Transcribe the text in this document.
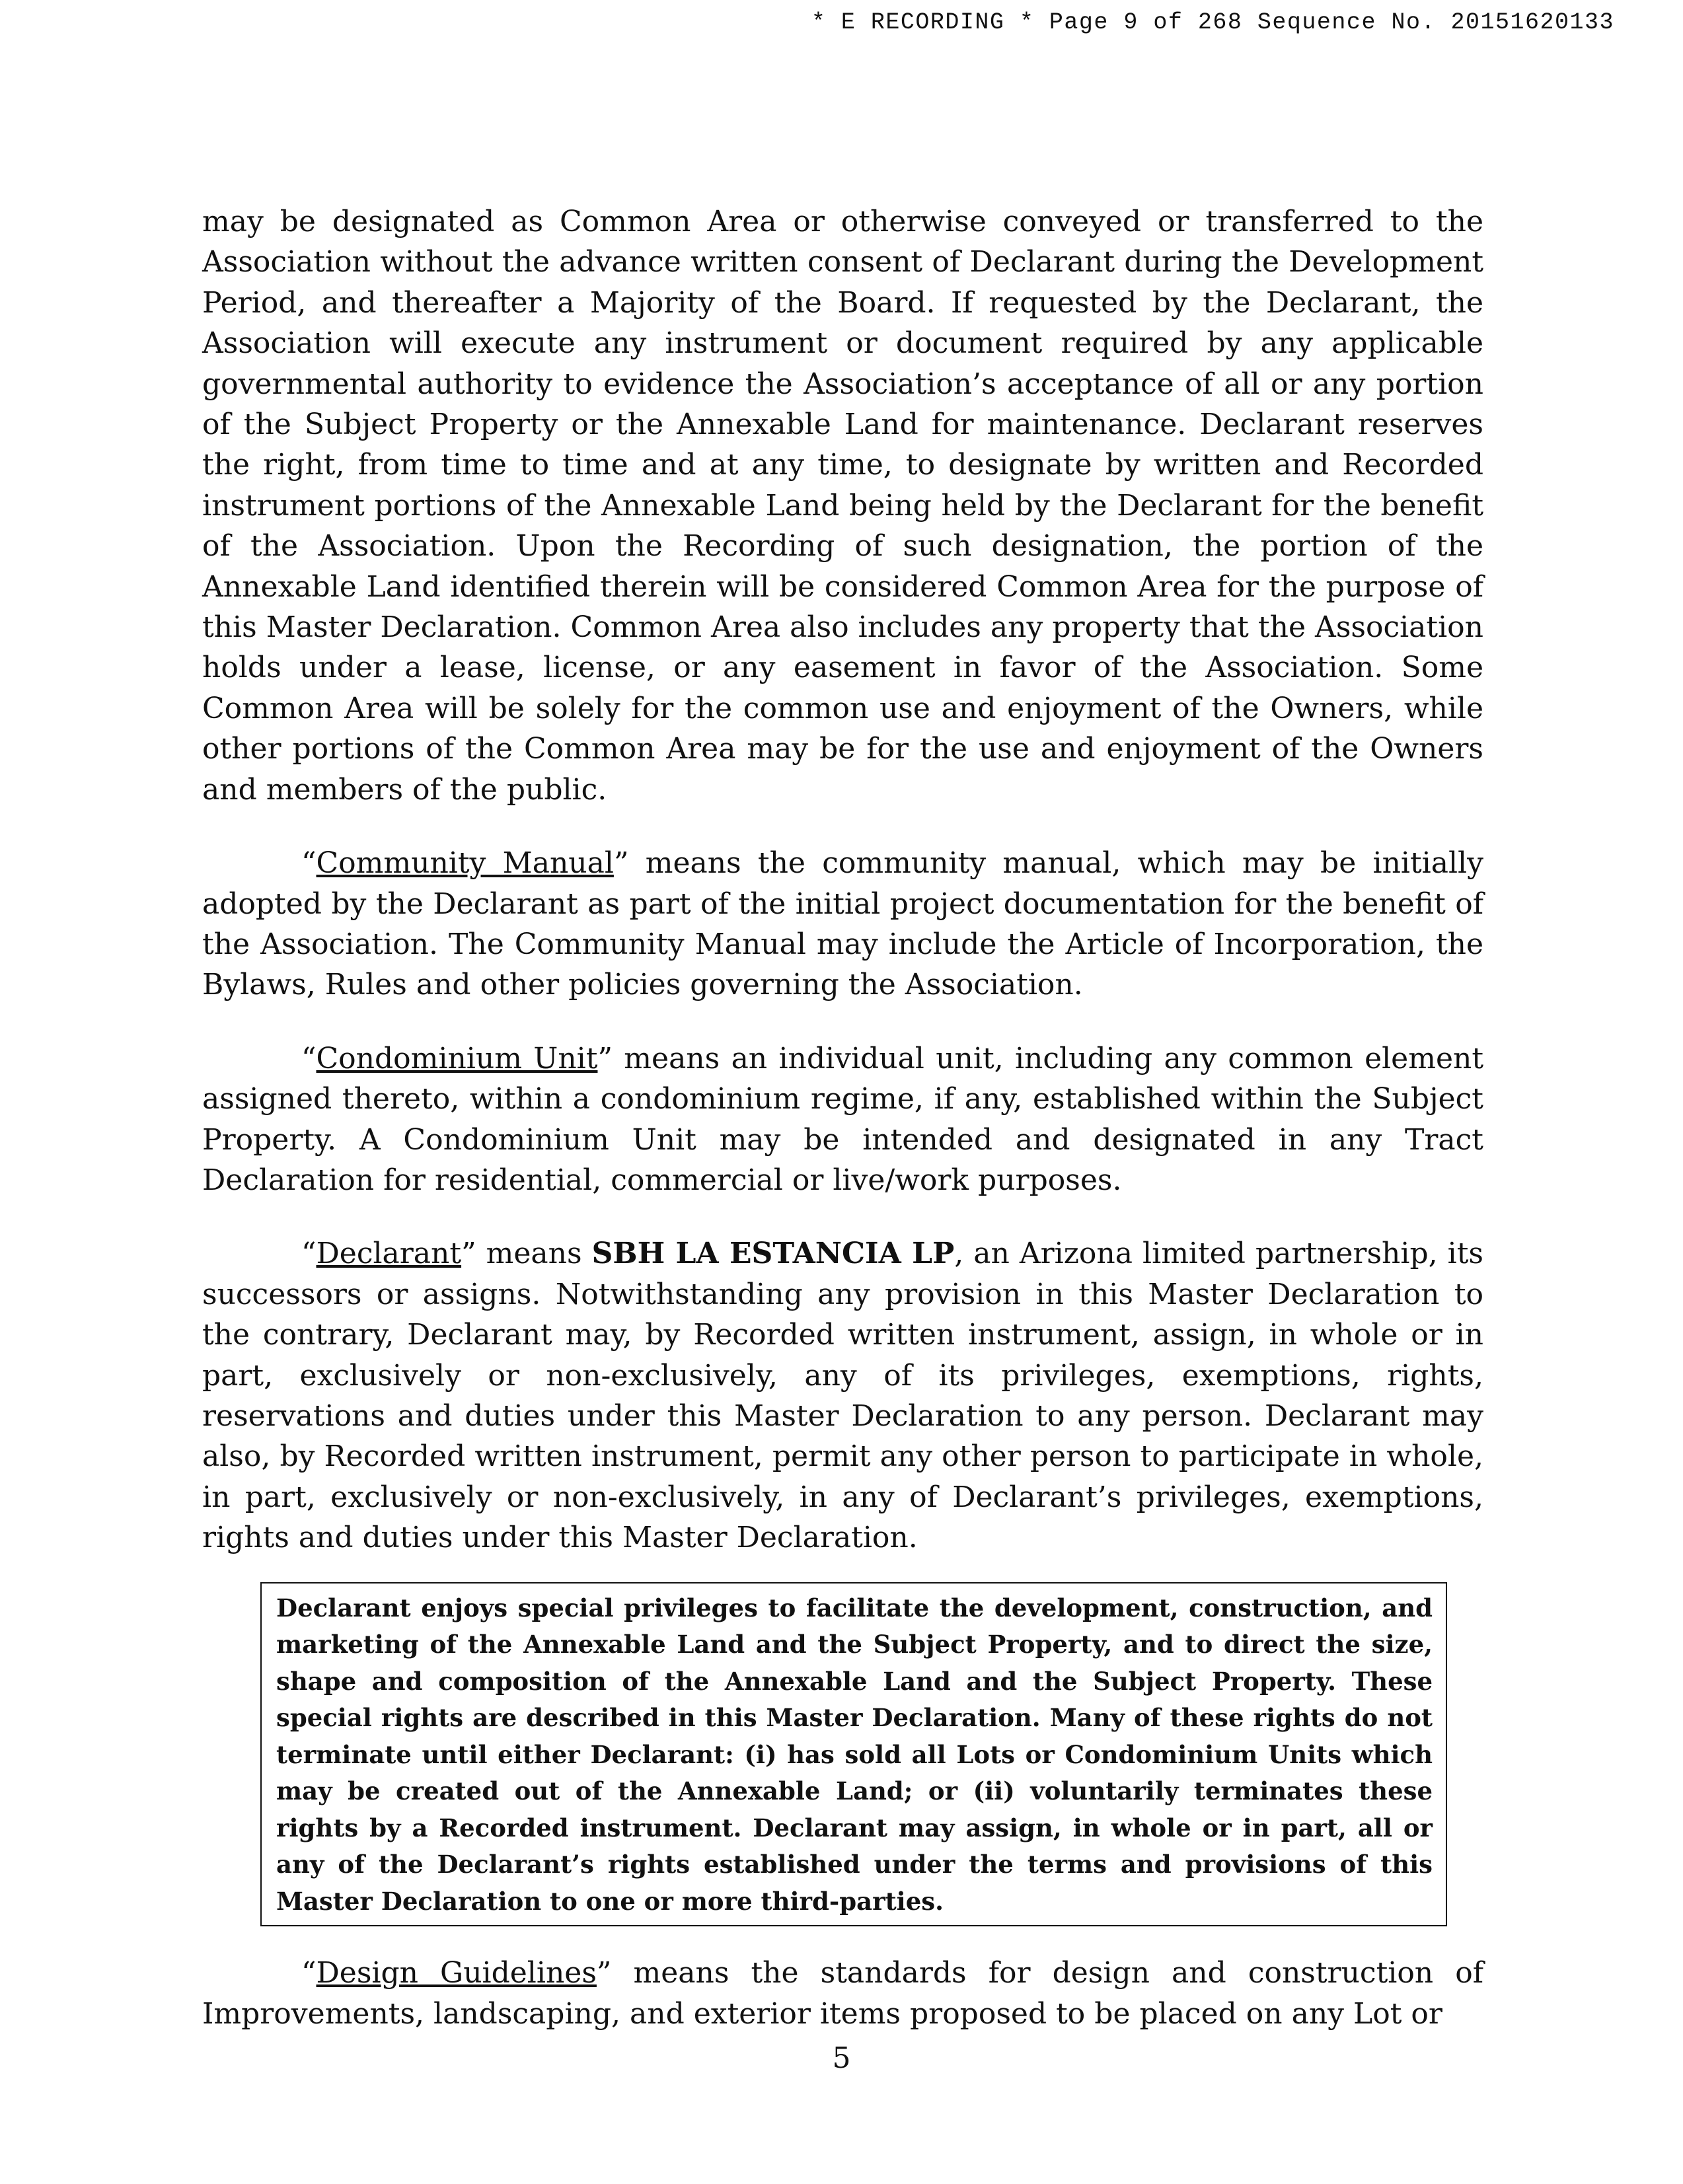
* E RECORDING * Page 9 of 268 Sequence No. 20151620133

may be designated as Common Area or otherwise conveyed or transferred to the Association without the advance written consent of Declarant during the Development Period, and thereafter a Majority of the Board. If requested by the Declarant, the Association will execute any instrument or document required by any applicable governmental authority to evidence the Association’s acceptance of all or any portion of the Subject Property or the Annexable Land for maintenance. Declarant reserves the right, from time to time and at any time, to designate by written and Recorded instrument portions of the Annexable Land being held by the Declarant for the benefit of the Association. Upon the Recording of such designation, the portion of the Annexable Land identified therein will be considered Common Area for the purpose of this Master Declaration. Common Area also includes any property that the Association holds under a lease, license, or any easement in favor of the Association. Some Common Area will be solely for the common use and enjoyment of the Owners, while other portions of the Common Area may be for the use and enjoyment of the Owners and members of the public.

“Community Manual” means the community manual, which may be initially adopted by the Declarant as part of the initial project documentation for the benefit of the Association. The Community Manual may include the Article of Incorporation, the Bylaws, Rules and other policies governing the Association.

“Condominium Unit” means an individual unit, including any common element assigned thereto, within a condominium regime, if any, established within the Subject Property. A Condominium Unit may be intended and designated in any Tract Declaration for residential, commercial or live/work purposes.

“Declarant” means SBH LA ESTANCIA LP, an Arizona limited partnership, its successors or assigns. Notwithstanding any provision in this Master Declaration to the contrary, Declarant may, by Recorded written instrument, assign, in whole or in part, exclusively or non-exclusively, any of its privileges, exemptions, rights, reservations and duties under this Master Declaration to any person. Declarant may also, by Recorded written instrument, permit any other person to participate in whole, in part, exclusively or non-exclusively, in any of Declarant’s privileges, exemptions, rights and duties under this Master Declaration.

Declarant enjoys special privileges to facilitate the development, construction, and marketing of the Annexable Land and the Subject Property, and to direct the size, shape and composition of the Annexable Land and the Subject Property. These special rights are described in this Master Declaration. Many of these rights do not terminate until either Declarant: (i) has sold all Lots or Condominium Units which may be created out of the Annexable Land; or (ii) voluntarily terminates these rights by a Recorded instrument. Declarant may assign, in whole or in part, all or any of the Declarant’s rights established under the terms and provisions of this Master Declaration to one or more third-parties.

“Design Guidelines” means the standards for design and construction of Improvements, landscaping, and exterior items proposed to be placed on any Lot or

5
